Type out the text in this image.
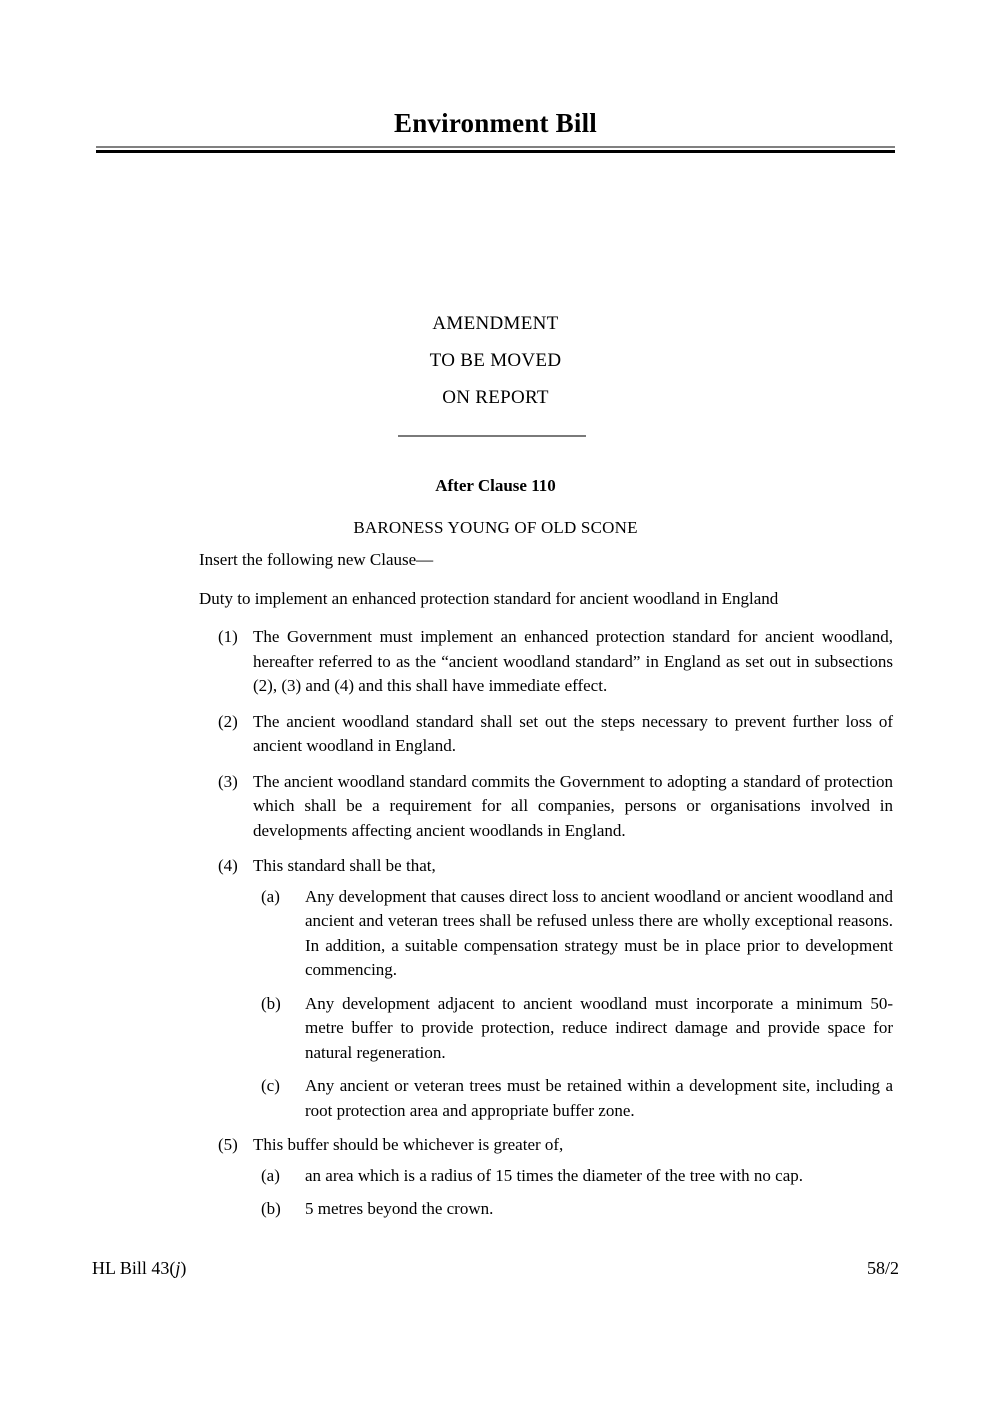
Environment Bill
AMENDMENT
TO BE MOVED
ON REPORT
After Clause 110
BARONESS YOUNG OF OLD SCONE
Insert the following new Clause—
Duty to implement an enhanced protection standard for ancient woodland in England
(1) The Government must implement an enhanced protection standard for ancient woodland, hereafter referred to as the “ancient woodland standard” in England as set out in subsections (2), (3) and (4) and this shall have immediate effect.
(2) The ancient woodland standard shall set out the steps necessary to prevent further loss of ancient woodland in England.
(3) The ancient woodland standard commits the Government to adopting a standard of protection which shall be a requirement for all companies, persons or organisations involved in developments affecting ancient woodlands in England.
(4) This standard shall be that,
(a)	Any development that causes direct loss to ancient woodland or ancient woodland and ancient and veteran trees shall be refused unless there are wholly exceptional reasons. In addition, a suitable compensation strategy must be in place prior to development commencing.
(b)	Any development adjacent to ancient woodland must incorporate a minimum 50-metre buffer to provide protection, reduce indirect damage and provide space for natural regeneration.
(c)	Any ancient or veteran trees must be retained within a development site, including a root protection area and appropriate buffer zone.
(5) This buffer should be whichever is greater of,
(a)	an area which is a radius of 15 times the diameter of the tree with no cap.
(b)	5 metres beyond the crown.
HL Bill 43(j)	58/2
